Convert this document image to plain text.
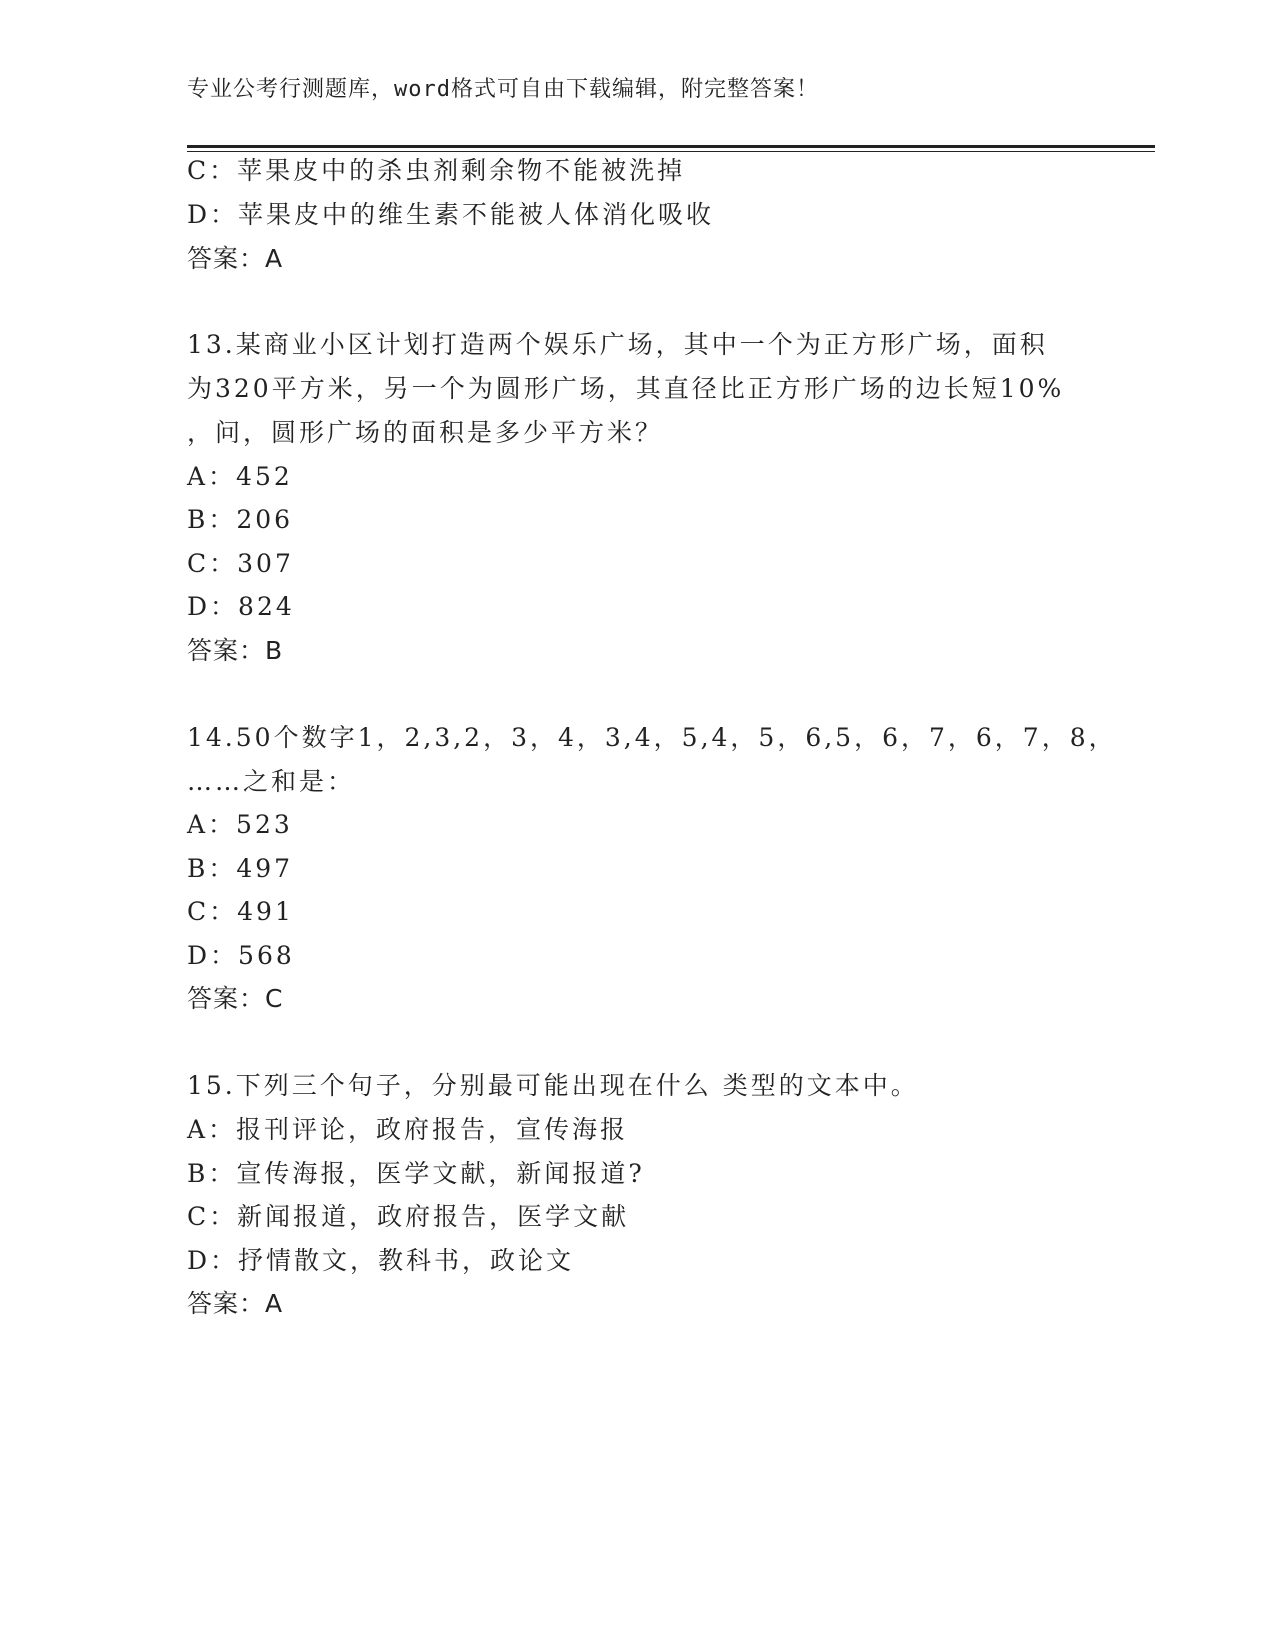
专业公考行测题库，word格式可自由下载编辑，附完整答案！
C：苹果皮中的杀虫剂剩余物不能被洗掉
D：苹果皮中的维生素不能被人体消化吸收
答案：A
13.某商业小区计划打造两个娱乐广场，其中一个为正方形广场，面积
为320平方米，另一个为圆形广场，其直径比正方形广场的边长短10%
，问，圆形广场的面积是多少平方米？
A：452
B：206
C：307
D：824
答案：B
14.50个数字1，2,3,2，3，4，3,4，5,4，5，6,5，6，7，6，7，8，
……之和是：
A：523
B：497
C：491
D：568
答案：C
15.下列三个句子，分别最可能出现在什么 类型的文本中。
A：报刊评论，政府报告，宣传海报
B：宣传海报，医学文献，新闻报道?
C：新闻报道，政府报告，医学文献
D：抒情散文，教科书，政论文
答案：A
